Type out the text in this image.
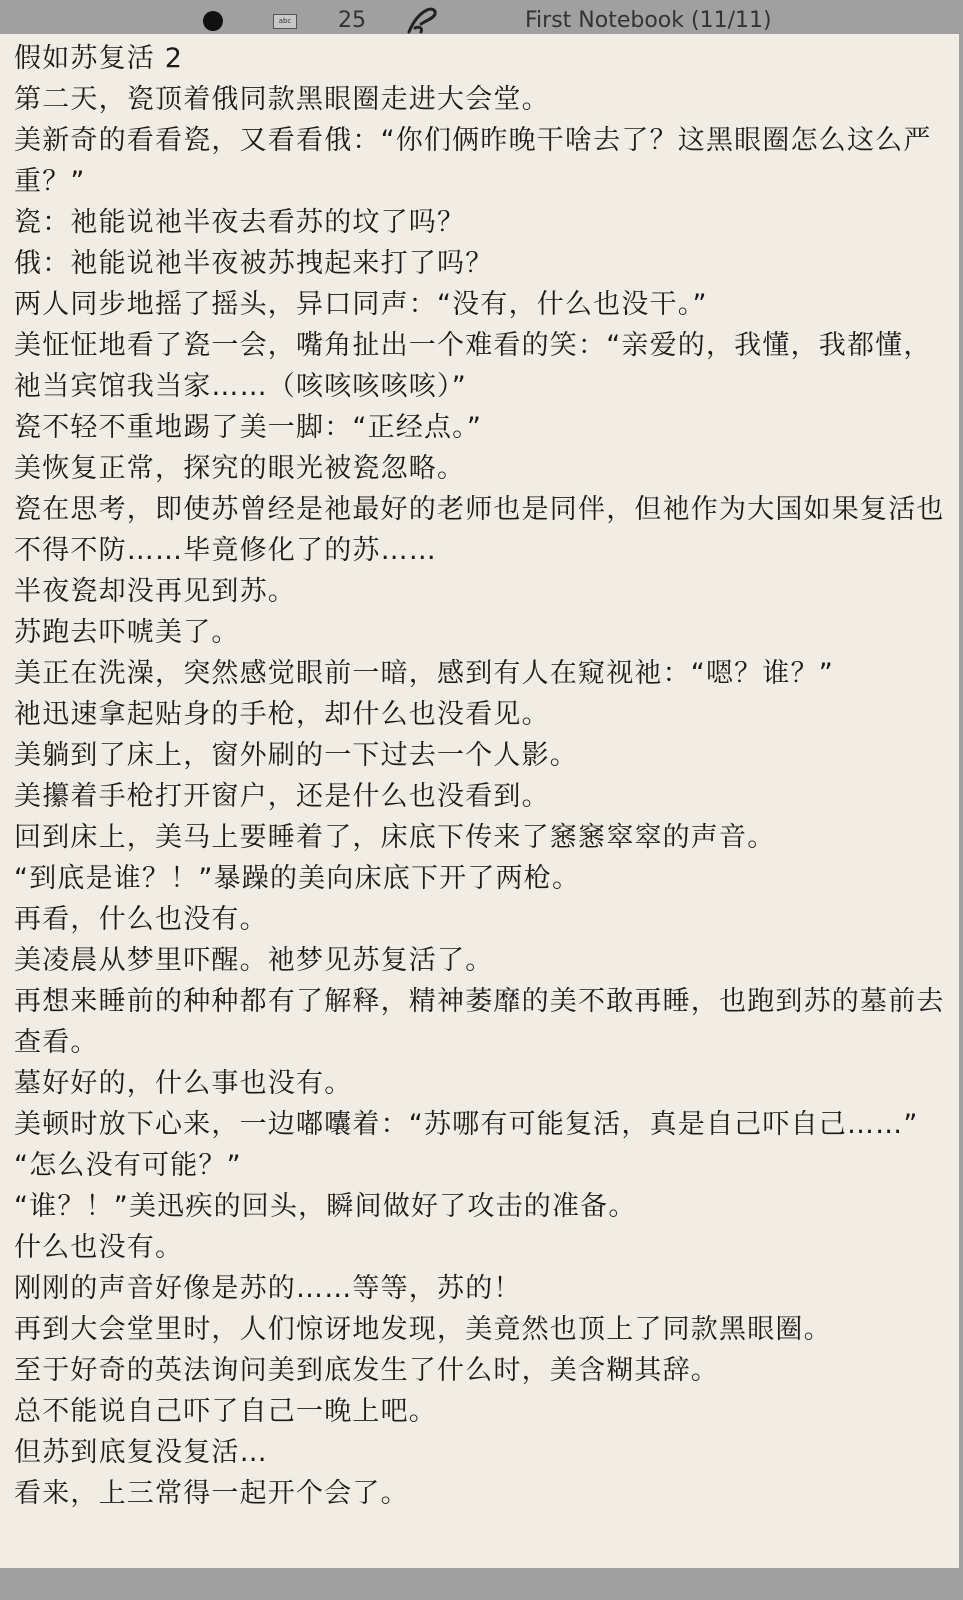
abc 25	First Notebook (11/11)

假如苏复活 2

第二天，瓷顶着俄同款黑眼圈走进大会堂。

美新奇的看看瓷，又看看俄：“你们俩昨晚干啥去了？这黑眼圈怎么这么严重？”

瓷：祂能说祂半夜去看苏的坟了吗？

俄：祂能说祂半夜被苏拽起来打了吗？

两人同步地摇了摇头，异口同声：“没有，什么也没干。”

美怔怔地看了瓷一会，嘴角扯出一个难看的笑：“亲爱的，我懂，我都懂，祂当宾馆我当家……（咳咳咳咳咳）”

瓷不轻不重地踢了美一脚：“正经点。”

美恢复正常，探究的眼光被瓷忽略。

瓷在思考，即使苏曾经是祂最好的老师也是同伴，但祂作为大国如果复活也不得不防……毕竟修化了的苏……

半夜瓷却没再见到苏。

苏跑去吓唬美了。

美正在洗澡，突然感觉眼前一暗，感到有人在窥视祂：“嗯？谁？”

祂迅速拿起贴身的手枪，却什么也没看见。

美躺到了床上，窗外刷的一下过去一个人影。

美攥着手枪打开窗户，还是什么也没看到。

回到床上，美马上要睡着了，床底下传来了窸窸窣窣的声音。

“到底是谁？！”暴躁的美向床底下开了两枪。

再看，什么也没有。

美凌晨从梦里吓醒。祂梦见苏复活了。

再想来睡前的种种都有了解释，精神萎靡的美不敢再睡，也跑到苏的墓前去查看。

墓好好的，什么事也没有。

美顿时放下心来，一边嘟囔着：“苏哪有可能复活，真是自己吓自己……”

“怎么没有可能？”

“谁？！”美迅疾的回头，瞬间做好了攻击的准备。

什么也没有。

刚刚的声音好像是苏的……等等，苏的！

再到大会堂里时，人们惊讶地发现，美竟然也顶上了同款黑眼圈。

至于好奇的英法询问美到底发生了什么时，美含糊其辞。

总不能说自己吓了自己一晚上吧。

但苏到底复没复活…

看来，上三常得一起开个会了。
